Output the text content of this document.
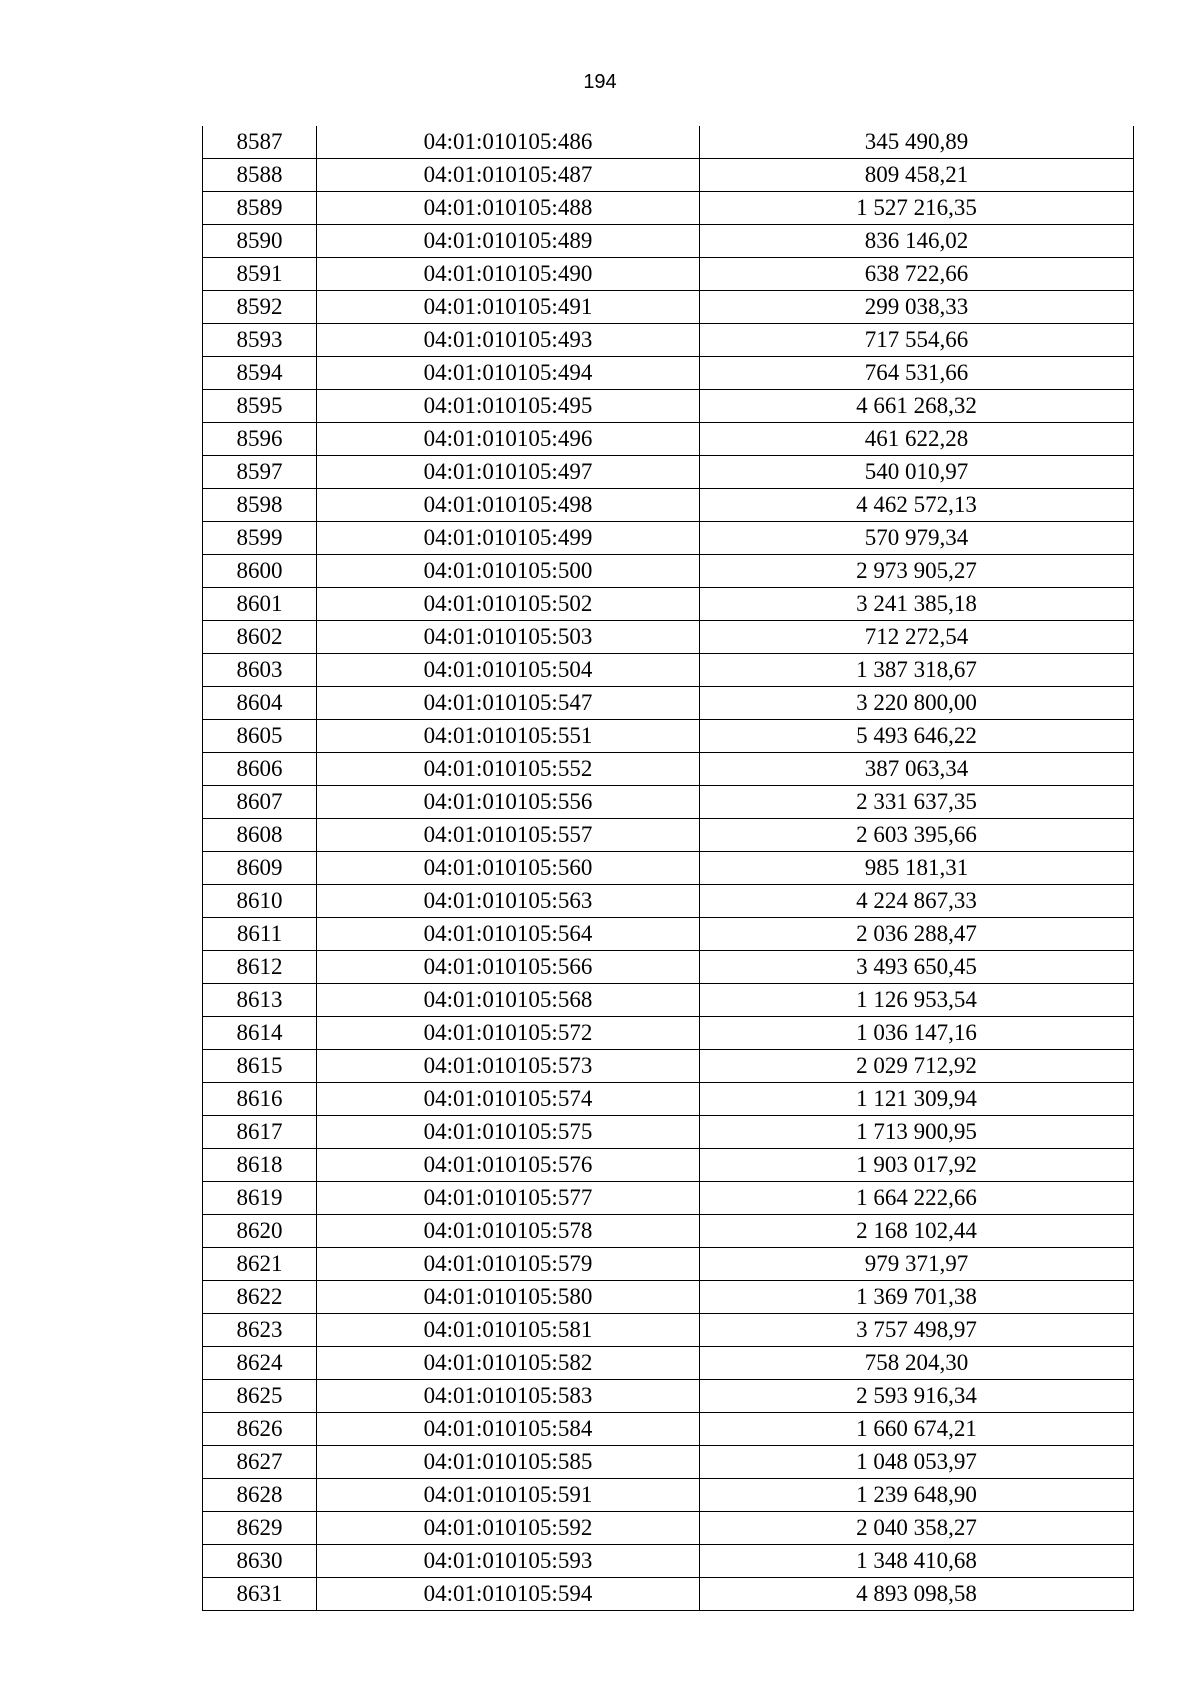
194
8587	04:01:010105:486	345 490,89
8588	04:01:010105:487	809 458,21
8589	04:01:010105:488	1 527 216,35
8590	04:01:010105:489	836 146,02
8591	04:01:010105:490	638 722,66
8592	04:01:010105:491	299 038,33
8593	04:01:010105:493	717 554,66
8594	04:01:010105:494	764 531,66
8595	04:01:010105:495	4 661 268,32
8596	04:01:010105:496	461 622,28
8597	04:01:010105:497	540 010,97
8598	04:01:010105:498	4 462 572,13
8599	04:01:010105:499	570 979,34
8600	04:01:010105:500	2 973 905,27
8601	04:01:010105:502	3 241 385,18
8602	04:01:010105:503	712 272,54
8603	04:01:010105:504	1 387 318,67
8604	04:01:010105:547	3 220 800,00
8605	04:01:010105:551	5 493 646,22
8606	04:01:010105:552	387 063,34
8607	04:01:010105:556	2 331 637,35
8608	04:01:010105:557	2 603 395,66
8609	04:01:010105:560	985 181,31
8610	04:01:010105:563	4 224 867,33
8611	04:01:010105:564	2 036 288,47
8612	04:01:010105:566	3 493 650,45
8613	04:01:010105:568	1 126 953,54
8614	04:01:010105:572	1 036 147,16
8615	04:01:010105:573	2 029 712,92
8616	04:01:010105:574	1 121 309,94
8617	04:01:010105:575	1 713 900,95
8618	04:01:010105:576	1 903 017,92
8619	04:01:010105:577	1 664 222,66
8620	04:01:010105:578	2 168 102,44
8621	04:01:010105:579	979 371,97
8622	04:01:010105:580	1 369 701,38
8623	04:01:010105:581	3 757 498,97
8624	04:01:010105:582	758 204,30
8625	04:01:010105:583	2 593 916,34
8626	04:01:010105:584	1 660 674,21
8627	04:01:010105:585	1 048 053,97
8628	04:01:010105:591	1 239 648,90
8629	04:01:010105:592	2 040 358,27
8630	04:01:010105:593	1 348 410,68
8631	04:01:010105:594	4 893 098,58
